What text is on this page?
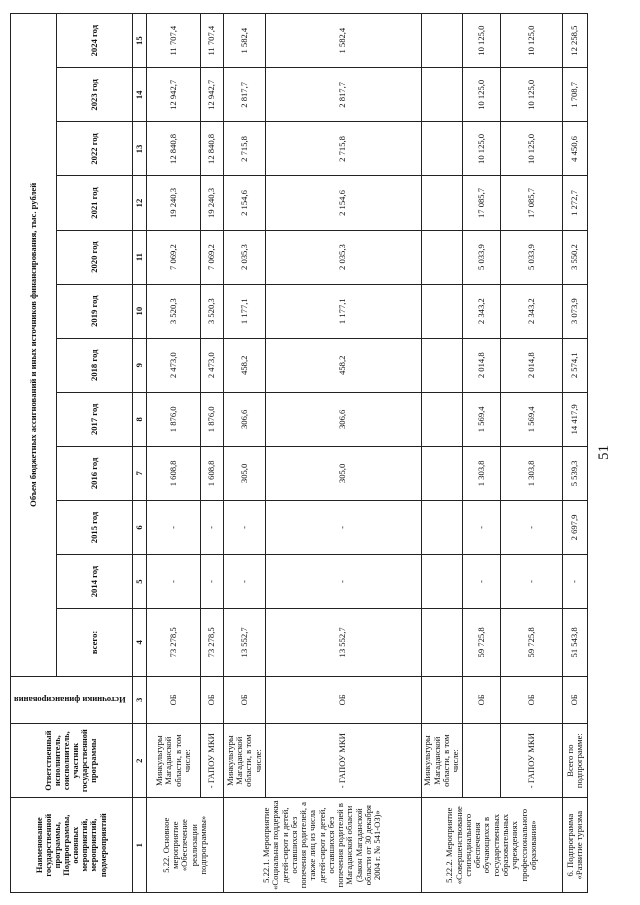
Наименование государственной программы, Подпрограммы, основных мероприятий, мероприятий, подмероприятий	Ответственный исполнитель, соисполнитель, участник государственной программы	Источники финансирования	Объем бюджетных ассигнований и иных источников финансирования, тыс. рублей											
			всего:	2014 год	2015 год	2016 год	2017 год	2018 год	2019 год	2020 год	2021 год	2022 год	2023 год	2024 год
1	2	3	4	5	6	7	8	9	10	11	12	13	14	15
5.22. Основное мероприятие «Обеспечение реализации подпрограммы»	Минкультуры Магаданской области, в том числе:	ОБ	73 278,5	-	-	1 608,8	1 876,0	2 473,0	3 520,3	7 069,2	19 240,3	12 840,8	12 942,7	11 707,4
	- ГАПОУ МКИ	ОБ	73 278,5	-	-	1 608,8	1 876,0	2 473,0	3 520,3	7 069,2	19 240,3	12 840,8	12 942,7	11 707,4
5.22.1. Мероприятие «Социальная поддержка детей-сирот и детей, оставшихся без попечения родителей, а также лиц из числа детей-сирот и детей, оставшихся без попечения родителей в Магаданской области (Закон Магаданской области от 30 декабря 2004 г. № 541-ОЗ)»	Минкультуры Магаданской области, в том числе:	ОБ	13 552,7	-	-	305,0	306,6	458,2	1 177,1	2 035,3	2 154,6	2 715,8	2 817,7	1 582,4
	- ГАПОУ МКИ	ОБ	13 552,7	-	-	305,0	306,6	458,2	1 177,1	2 035,3	2 154,6	2 715,8	2 817,7	1 582,4
5.22.2. Мероприятие «Совершенствование стипендиального обеспечения обучающихся в государственных образовательных учреждениях профессионального образования»	Минкультуры Магаданской области, в том числе:													
		ОБ	59 725,8	-	-	1 303,8	1 569,4	2 014,8	2 343,2	5 033,9	17 085,7	10 125,0	10 125,0	10 125,0
	- ГАПОУ МКИ	ОБ	59 725,8	-	-	1 303,8	1 569,4	2 014,8	2 343,2	5 033,9	17 085,7	10 125,0	10 125,0	10 125,0
6. Подпрограмма «Развитие туризма	Всего по подпрограмме:	ОБ	51 543,8	-	2 697,9	5 539,3	14 417,9	2 574,1	3 073,9	3 550,2	1 272,7	4 450,6	1 708,7	12 258,5
51
